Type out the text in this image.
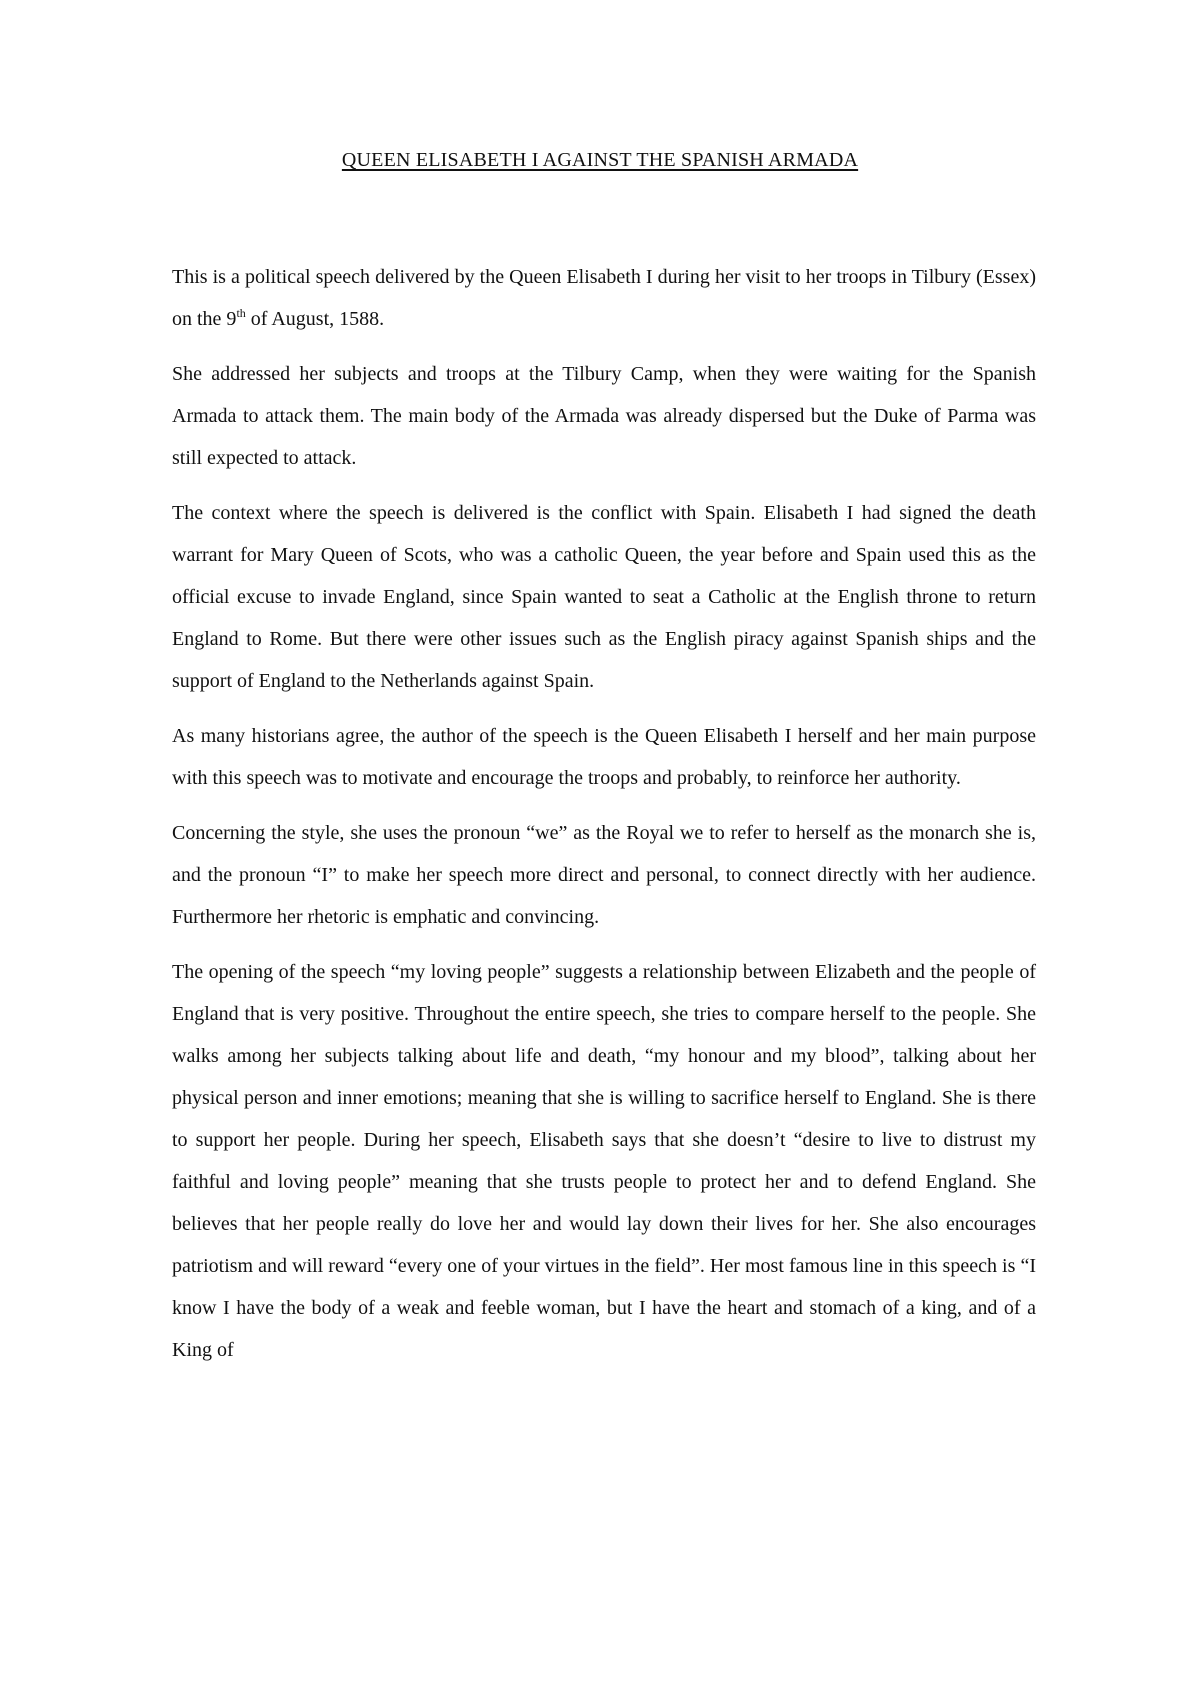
QUEEN ELISABETH I AGAINST THE SPANISH ARMADA

This is a political speech delivered by the Queen Elisabeth I during her visit to her troops in Tilbury (Essex) on the 9th of August, 1588.

She addressed her subjects and troops at the Tilbury Camp, when they were waiting for the Spanish Armada to attack them. The main body of the Armada was already dispersed but the Duke of Parma was still expected to attack.

The context where the speech is delivered is the conflict with Spain. Elisabeth I had signed the death warrant for Mary Queen of Scots, who was a catholic Queen, the year before and Spain used this as the official excuse to invade England, since Spain wanted to seat a Catholic at the English throne to return England to Rome. But there were other issues such as the English piracy against Spanish ships and the support of England to the Netherlands against Spain.

As many historians agree, the author of the speech is the Queen Elisabeth I herself and her main purpose with this speech was to motivate and encourage the troops and probably, to reinforce her authority.

Concerning the style, she uses the pronoun “we” as the Royal we to refer to herself as the monarch she is, and the pronoun “I” to make her speech more direct and personal, to connect directly with her audience. Furthermore her rhetoric is emphatic and convincing.

The opening of the speech “my loving people” suggests a relationship between Elizabeth and the people of England that is very positive. Throughout the entire speech, she tries to compare herself to the people. She walks among her subjects talking about life and death, “my honour and my blood”, talking about her physical person and inner emotions; meaning that she is willing to sacrifice herself to England. She is there to support her people. During her speech, Elisabeth says that she doesn’t “desire to live to distrust my faithful and loving people” meaning that she trusts people to protect her and to defend England. She believes that her people really do love her and would lay down their lives for her. She also encourages patriotism and will reward “every one of your virtues in the field”. Her most famous line in this speech is “I know I have the body of a weak and feeble woman, but I have the heart and stomach of a king, and of a King of
